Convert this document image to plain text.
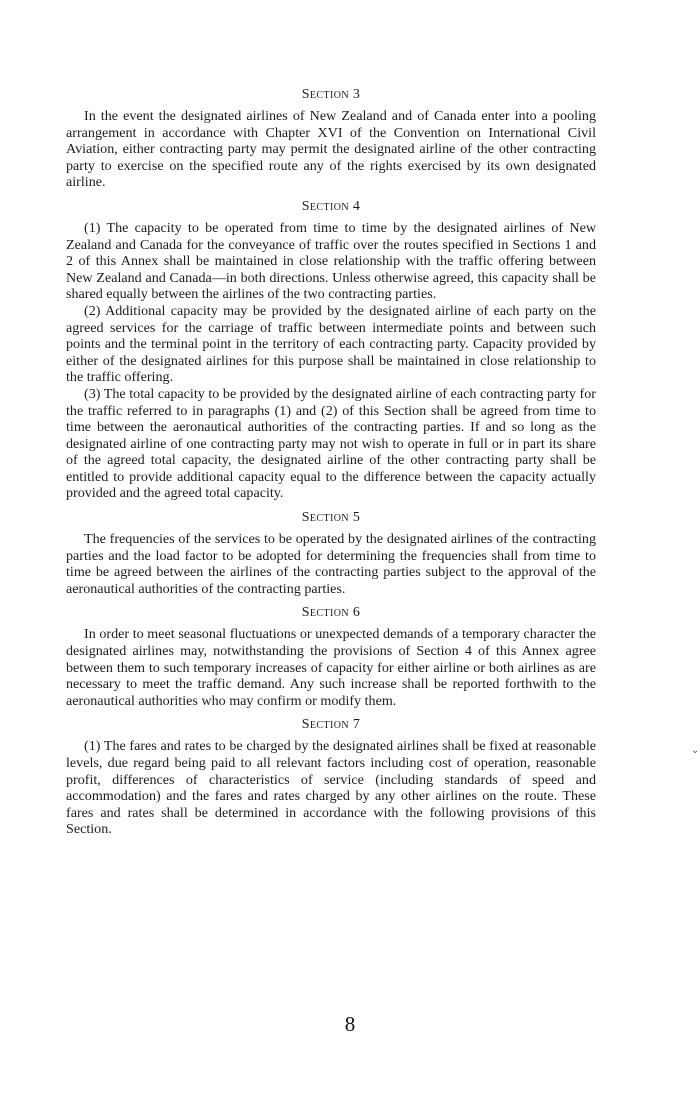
Section 3

In the event the designated airlines of New Zealand and of Canada enter into a pooling arrangement in accordance with Chapter XVI of the Convention on International Civil Aviation, either contracting party may permit the designated airline of the other contracting party to exercise on the specified route any of the rights exercised by its own designated airline.

Section 4

(1) The capacity to be operated from time to time by the designated airlines of New Zealand and Canada for the conveyance of traffic over the routes specified in Sections 1 and 2 of this Annex shall be maintained in close relationship with the traffic offering between New Zealand and Canada—in both directions. Unless otherwise agreed, this capacity shall be shared equally between the airlines of the two contracting parties.

(2) Additional capacity may be provided by the designated airline of each party on the agreed services for the carriage of traffic between intermediate points and between such points and the terminal point in the territory of each contracting party. Capacity provided by either of the designated airlines for this purpose shall be maintained in close relationship to the traffic offering.

(3) The total capacity to be provided by the designated airline of each contracting party for the traffic referred to in paragraphs (1) and (2) of this Section shall be agreed from time to time between the aeronautical authorities of the contracting parties. If and so long as the designated airline of one contracting party may not wish to operate in full or in part its share of the agreed total capacity, the designated airline of the other contracting party shall be entitled to provide additional capacity equal to the difference between the capacity actually provided and the agreed total capacity.

Section 5

The frequencies of the services to be operated by the designated airlines of the contracting parties and the load factor to be adopted for determining the frequencies shall from time to time be agreed between the airlines of the contracting parties subject to the approval of the aeronautical authorities of the contracting parties.

Section 6

In order to meet seasonal fluctuations or unexpected demands of a temporary character the designated airlines may, notwithstanding the provisions of Section 4 of this Annex agree between them to such temporary increases of capacity for either airline or both airlines as are necessary to meet the traffic demand. Any such increase shall be reported forthwith to the aeronautical authorities who may confirm or modify them.

Section 7

(1) The fares and rates to be charged by the designated airlines shall be fixed at reasonable levels, due regard being paid to all relevant factors including cost of operation, reasonable profit, differences of characteristics of service (including standards of speed and accommodation) and the fares and rates charged by any other airlines on the route. These fares and rates shall be determined in accordance with the following provisions of this Section.

⌄
8
